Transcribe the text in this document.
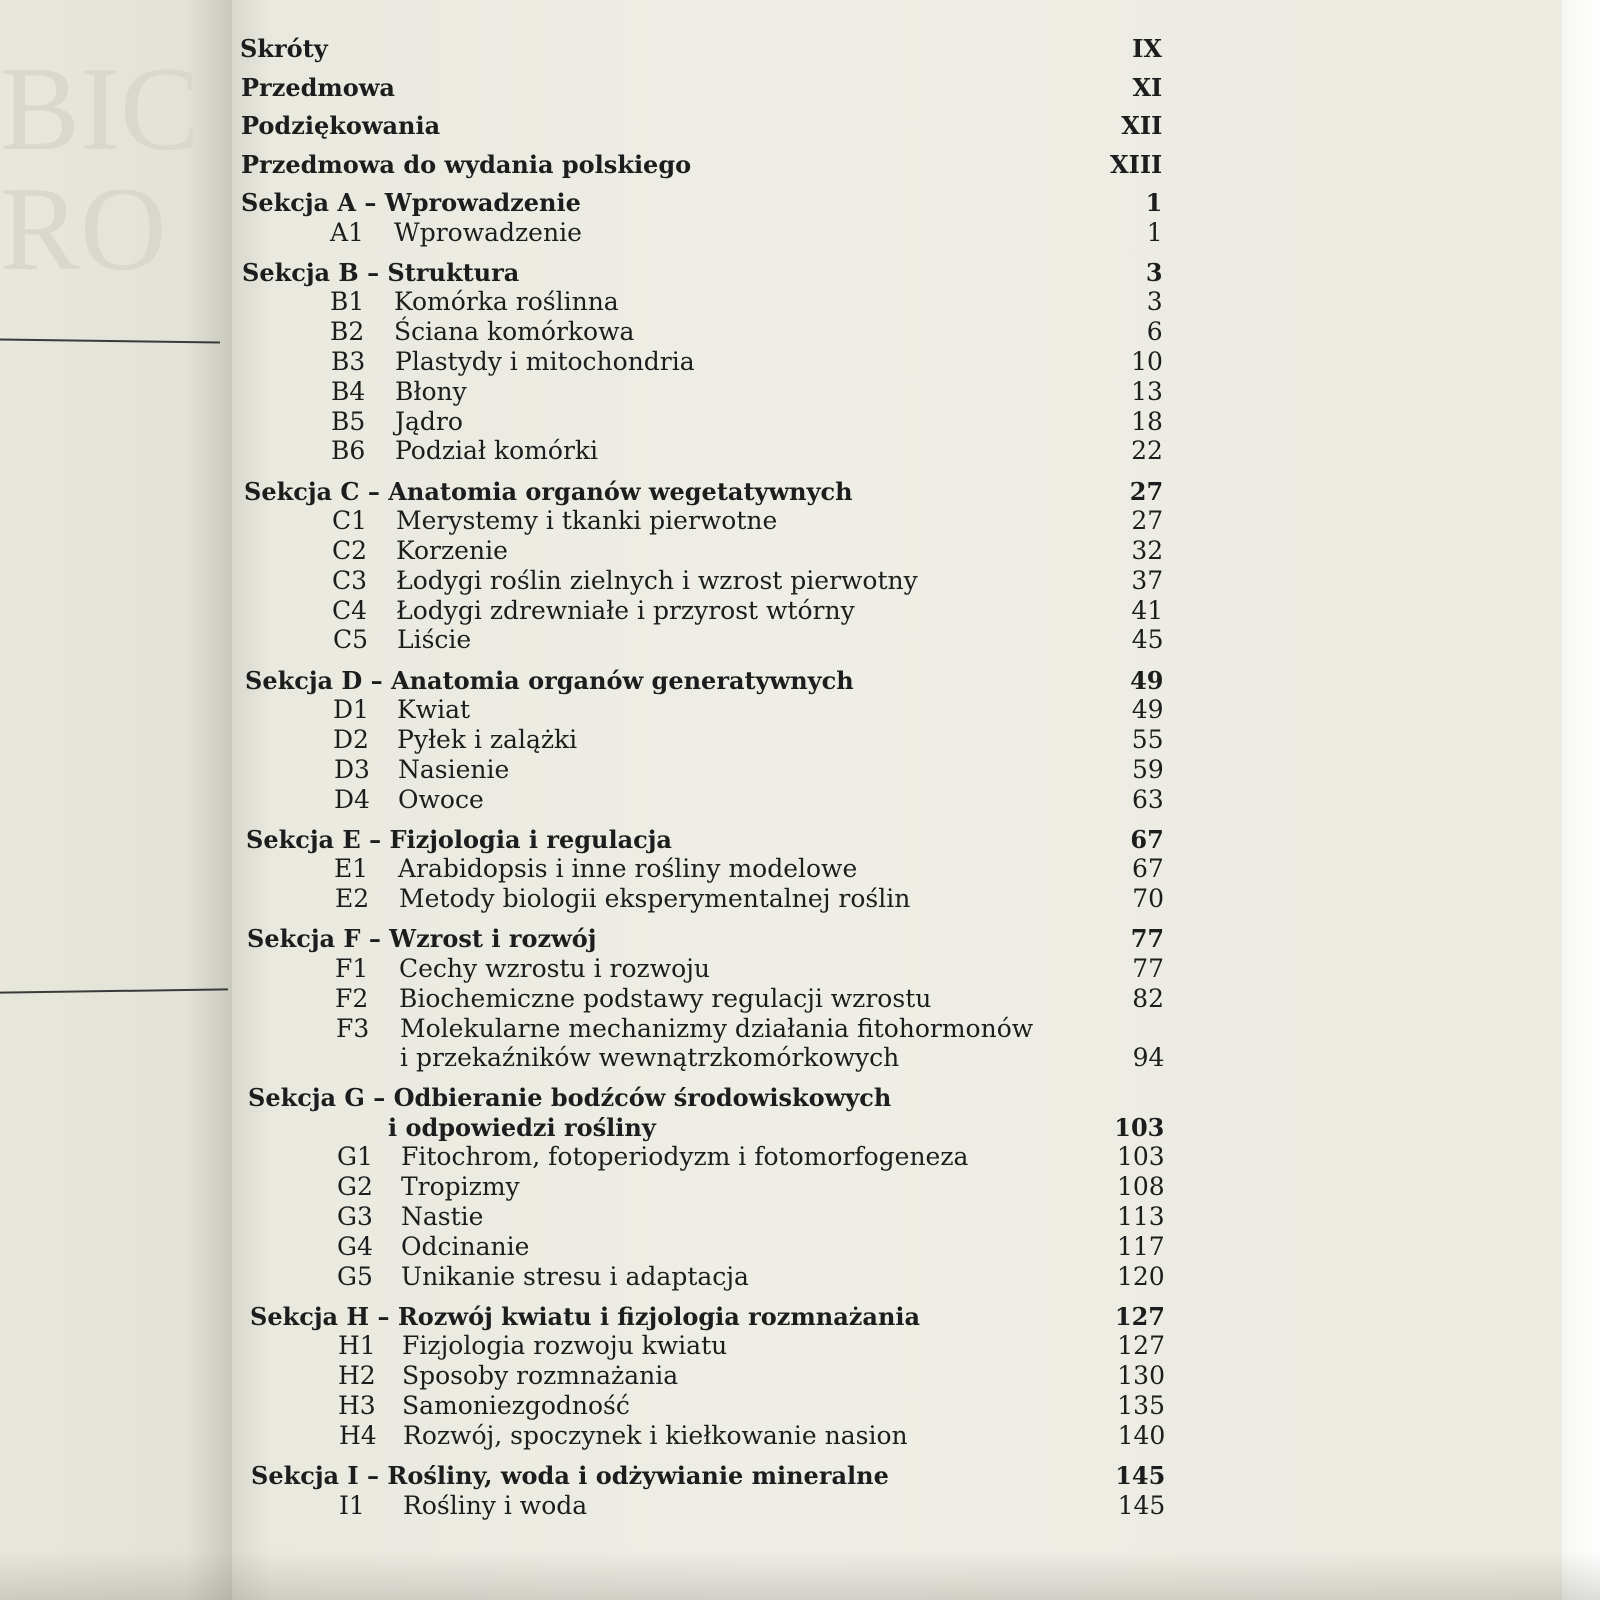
BIC
RO
Skróty	IX
Przedmowa	XI
Podziękowania	XII
Przedmowa do wydania polskiego	XIII
Sekcja A – Wprowadzenie	1
A1 Wprowadzenie	1
Sekcja B – Struktura	3
B1 Komórka roślinna	3
B2 Ściana komórkowa	6
B3 Plastydy i mitochondria	10
B4 Błony	13
B5 Jądro	18
B6 Podział komórki	22
Sekcja C – Anatomia organów wegetatywnych	27
C1 Merystemy i tkanki pierwotne	27
C2 Korzenie	32
C3 Łodygi roślin zielnych i wzrost pierwotny	37
C4 Łodygi zdrewniałe i przyrost wtórny	41
C5 Liście	45
Sekcja D – Anatomia organów generatywnych	49
D1 Kwiat	49
D2 Pyłek i zalążki	55
D3 Nasienie	59
D4 Owoce	63
Sekcja E – Fizjologia i regulacja	67
E1 Arabidopsis i inne rośliny modelowe	67
E2 Metody biologii eksperymentalnej roślin	70
Sekcja F – Wzrost i rozwój	77
F1 Cechy wzrostu i rozwoju	77
F2 Biochemiczne podstawy regulacji wzrostu	82
F3 Molekularne mechanizmy działania fitohormonów
i przekaźników wewnątrzkomórkowych	94
Sekcja G – Odbieranie bodźców środowiskowych
i odpowiedzi rośliny	103
G1 Fitochrom, fotoperiodyzm i fotomorfogeneza	103
G2 Tropizmy	108
G3 Nastie	113
G4 Odcinanie	117
G5 Unikanie stresu i adaptacja	120
Sekcja H – Rozwój kwiatu i fizjologia rozmnażania	127
H1 Fizjologia rozwoju kwiatu	127
H2 Sposoby rozmnażania	130
H3 Samoniezgodność	135
H4 Rozwój, spoczynek i kiełkowanie nasion	140
Sekcja I – Rośliny, woda i odżywianie mineralne	145
I1 Rośliny i woda	145
